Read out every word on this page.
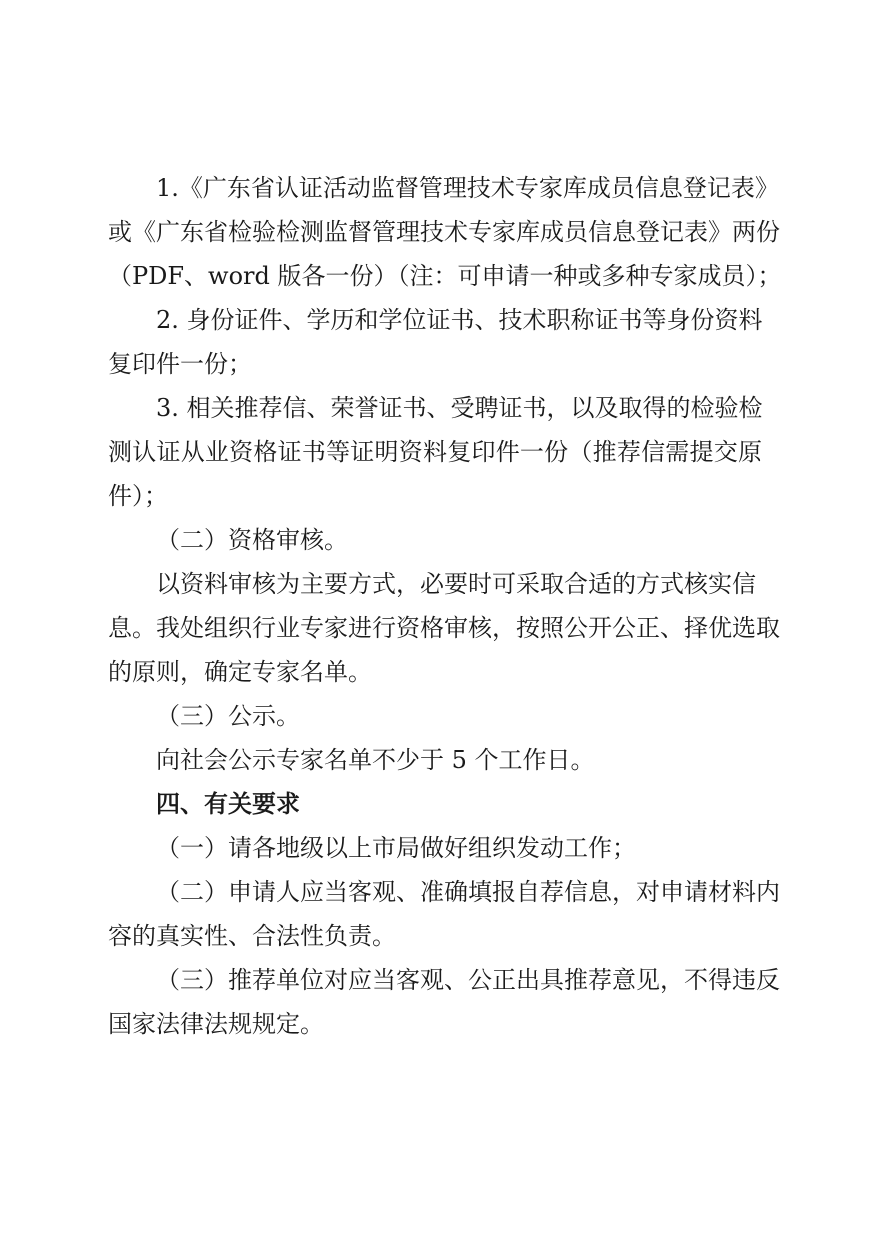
1.《广东省认证活动监督管理技术专家库成员信息登记表》
或《广东省检验检测监督管理技术专家库成员信息登记表》两份
（PDF、word 版各一份）（注：可申请一种或多种专家成员）；
2. 身份证件、学历和学位证书、技术职称证书等身份资料
复印件一份；
3. 相关推荐信、荣誉证书、受聘证书，以及取得的检验检
测认证从业资格证书等证明资料复印件一份（推荐信需提交原
件）；
（二）资格审核。
以资料审核为主要方式，必要时可采取合适的方式核实信
息。我处组织行业专家进行资格审核，按照公开公正、择优选取
的原则，确定专家名单。
（三）公示。
向社会公示专家名单不少于 5 个工作日。
四、有关要求
（一）请各地级以上市局做好组织发动工作；
（二）申请人应当客观、准确填报自荐信息，对申请材料内
容的真实性、合法性负责。
（三）推荐单位对应当客观、公正出具推荐意见，不得违反
国家法律法规规定。
